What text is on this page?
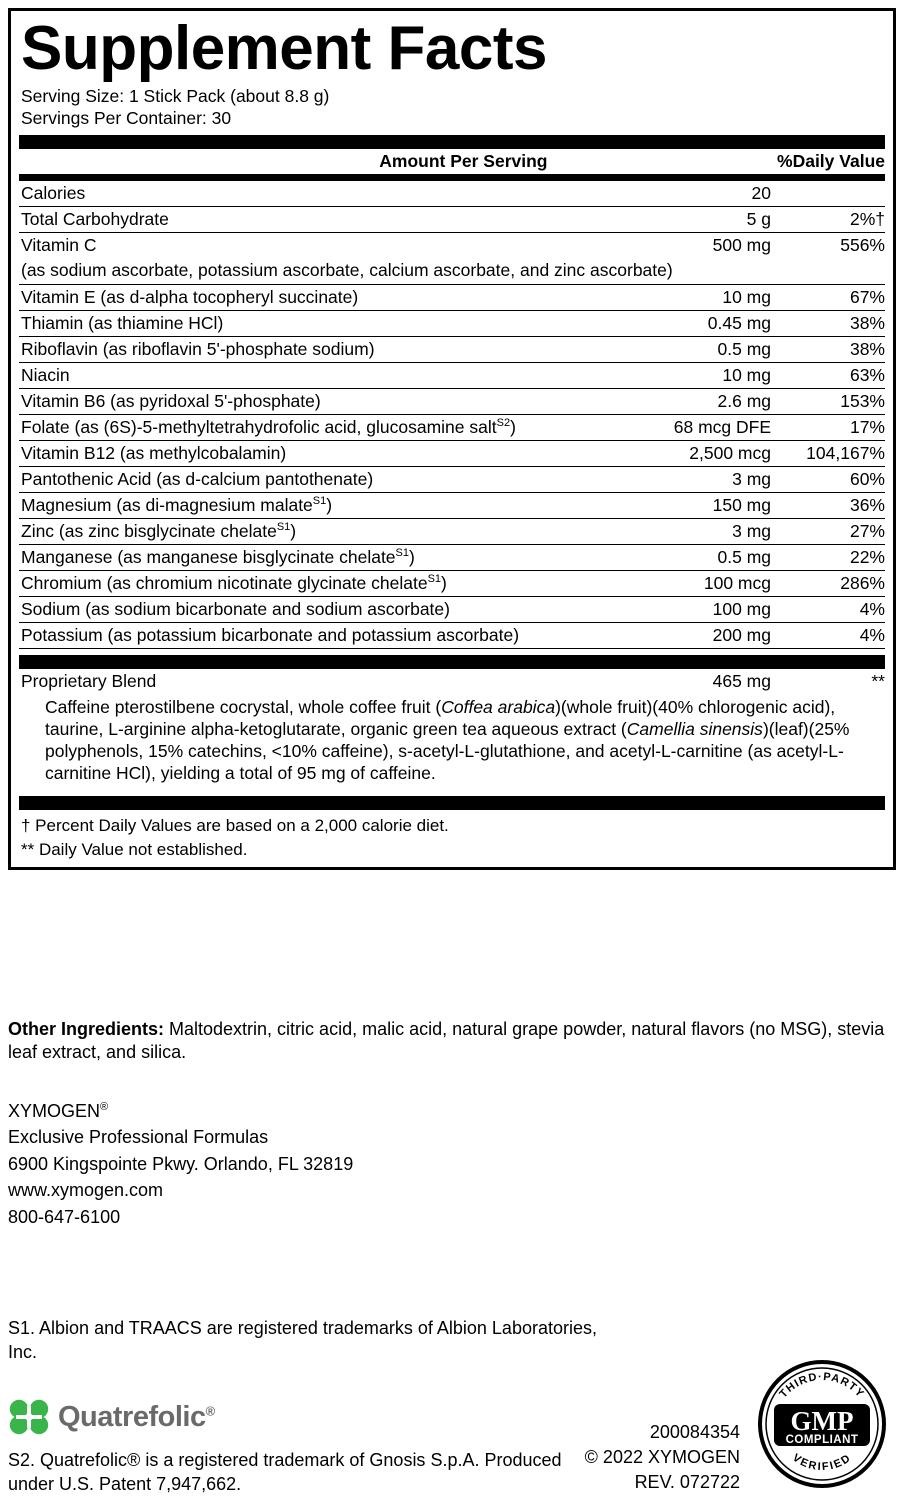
Supplement Facts
Serving Size: 1 Stick Pack (about 8.8 g)
Servings Per Container: 30
	Amount Per Serving	%Daily Value
Calories	20	
Total Carbohydrate	5 g	2%†
Vitamin C	500 mg	556%
(as sodium ascorbate, potassium ascorbate, calcium ascorbate, and zinc ascorbate)		
Vitamin E (as d-alpha tocopheryl succinate)	10 mg	67%
Thiamin (as thiamine HCl)	0.45 mg	38%
Riboflavin (as riboflavin 5'-phosphate sodium)	0.5 mg	38%
Niacin	10 mg	63%
Vitamin B6 (as pyridoxal 5'-phosphate)	2.6 mg	153%
Folate (as (6S)-5-methyltetrahydrofolic acid, glucosamine salt$^{S2}$)	68 mcg DFE	17%
Vitamin B12 (as methylcobalamin)	2,500 mcg	104,167%
Pantothenic Acid (as d-calcium pantothenate)	3 mg	60%
Magnesium (as di-magnesium malate$^{S1}$)	150 mg	36%
Zinc (as zinc bisglycinate chelate$^{S1}$)	3 mg	27%
Manganese (as manganese bisglycinate chelate$^{S1}$)	0.5 mg	22%
Chromium (as chromium nicotinate glycinate chelate$^{S1}$)	100 mcg	286%
Sodium (as sodium bicarbonate and sodium ascorbate)	100 mg	4%
Potassium (as potassium bicarbonate and potassium ascorbate)	200 mg	4%
Proprietary Blend	465 mg	**
Caffeine pterostilbene cocrystal, whole coffee fruit (Coffea arabica)(whole fruit)(40% chlorogenic acid), taurine, L-arginine alpha-ketoglutarate, organic green tea aqueous extract (Camellia sinensis)(leaf)(25% polyphenols, 15% catechins, <10% caffeine), s-acetyl-L-glutathione, and acetyl-L-carnitine (as acetyl-L-carnitine HCl), yielding a total of 95 mg of caffeine.
† Percent Daily Values are based on a 2,000 calorie diet.
** Daily Value not established.
Other Ingredients: Maltodextrin, citric acid, malic acid, natural grape powder, natural flavors (no MSG), stevia leaf extract, and silica.
XYMOGEN®
Exclusive Professional Formulas
6900 Kingspointe Pkwy. Orlando, FL 32819
www.xymogen.com
800-647-6100
S1. Albion and TRAACS are registered trademarks of Albion Laboratories, Inc.
Quatrefolic®
S2. Quatrefolic® is a registered trademark of Gnosis S.p.A. Produced under U.S. Patent 7,947,662.
200084354
© 2022 XYMOGEN
REV. 072722
GMP
COMPLIANT
THIRD·PARTY
VERIFIED
